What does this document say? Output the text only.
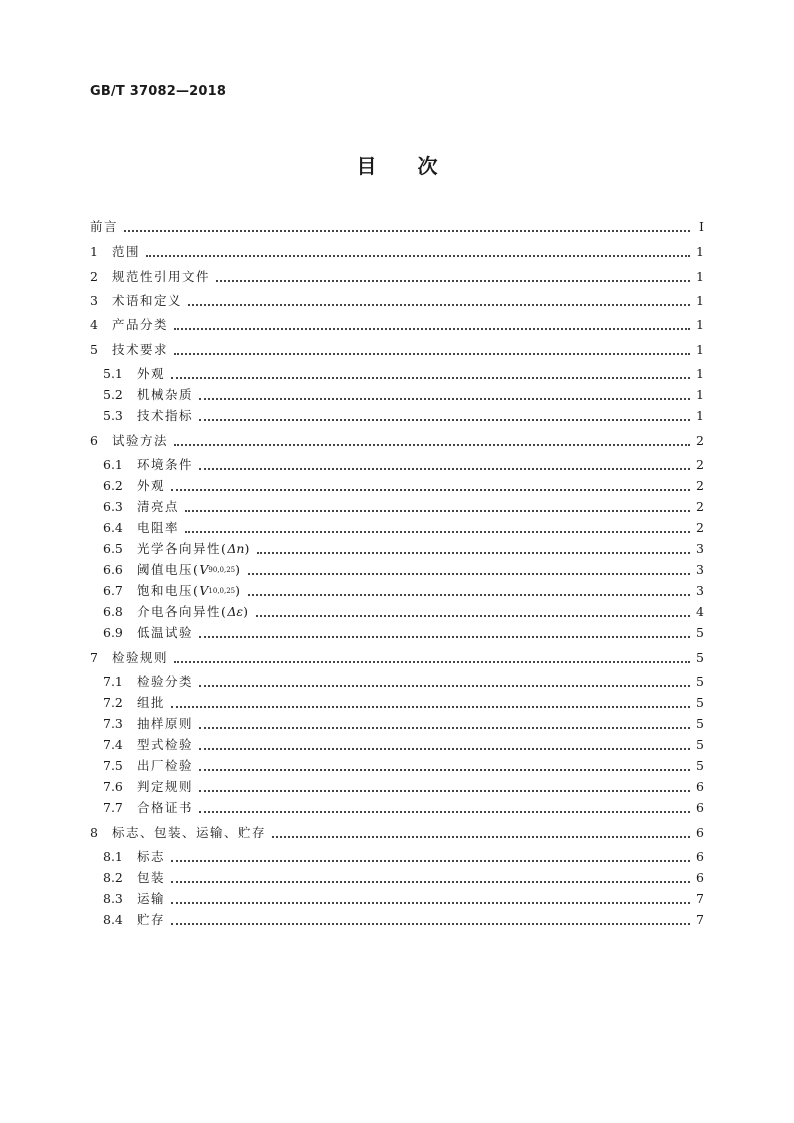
GB/T 37082—2018
目 次
前言	Ⅰ
1	范围	1
2	规范性引用文件	1
3	术语和定义	1
4	产品分类	1
5	技术要求	1
5.1	外观	1
5.2	机械杂质	1
5.3	技术指标	1
6	试验方法	2
6.1	环境条件	2
6.2	外观	2
6.3	清亮点	2
6.4	电阻率	2
6.5	光学各向异性( Δn )	3
6.6	阈值电压( V 90,0,25 )	3
6.7	饱和电压( V 10,0,25 )	3
6.8	介电各向异性( Δε )	4
6.9	低温试验	5
7	检验规则	5
7.1	检验分类	5
7.2	组批	5
7.3	抽样原则	5
7.4	型式检验	5
7.5	出厂检验	5
7.6	判定规则	6
7.7	合格证书	6
8	标志、包装、运输、贮存	6
8.1	标志	6
8.2	包装	6
8.3	运输	7
8.4	贮存	7
